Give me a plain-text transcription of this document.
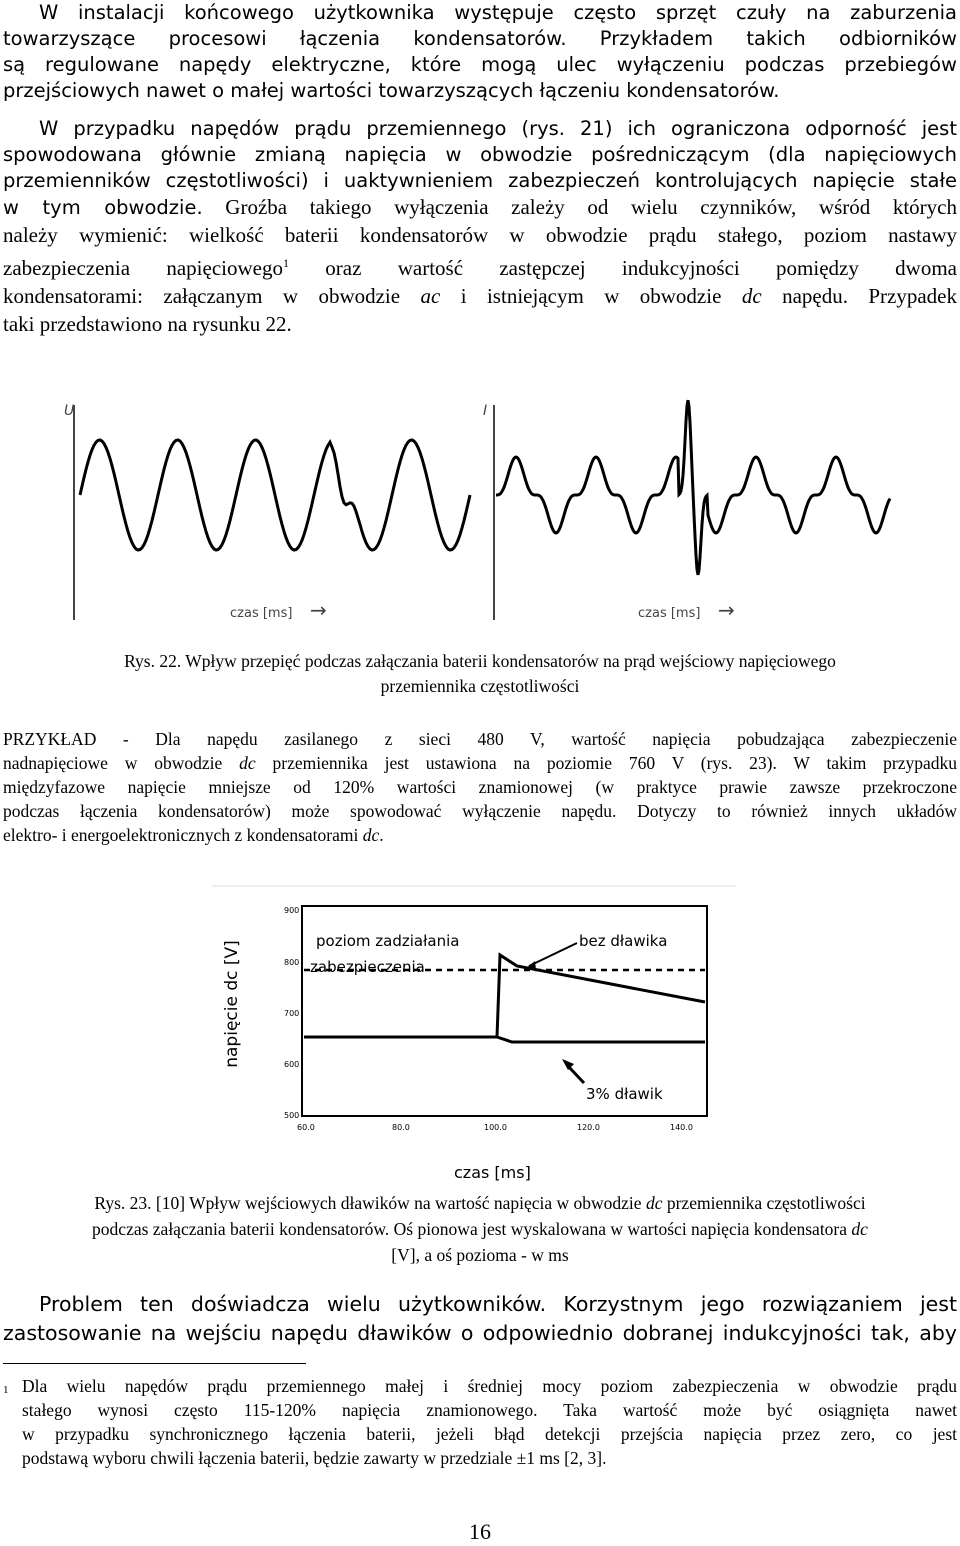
W instalacji końcowego użytkownika występuje często sprzęt czuły na zaburzenia
towarzyszące procesowi łączenia kondensatorów. Przykładem takich odbiorników
są regulowane napędy elektryczne, które mogą ulec wyłączeniu podczas przebiegów
przejściowych nawet o małej wartości towarzyszących łączeniu kondensatorów.
W przypadku napędów prądu przemiennego (rys. 21) ich ograniczona odporność jest
spowodowana głównie zmianą napięcia w obwodzie pośredniczącym (dla napięciowych
przemienników częstotliwości) i uaktywnieniem zabezpieczeń kontrolujących napięcie stałe
w tym obwodzie. Groźba takiego wyłączenia zależy od wielu czynników, wśród których
należy wymienić: wielkość baterii kondensatorów w obwodzie prądu stałego, poziom nastawy
zabezpieczenia napięciowego$^1$ oraz wartość zastępczej indukcyjności pomiędzy dwoma
kondensatorami: załączanym w obwodzie ac i istniejącym w obwodzie dc napędu. Przypadek
taki przedstawiono na rysunku 22.
U
czas [ms] →
I
czas [ms] →
Rys. 22. Wpływ przepięć podczas załączania baterii kondensatorów na prąd wejściowy napięciowego
przemiennika częstotliwości
PRZYKŁAD - Dla napędu zasilanego z sieci 480 V, wartość napięcia pobudzająca zabezpieczenie
nadnapięciowe w obwodzie dc przemiennika jest ustawiona na poziomie 760 V (rys. 23). W takim przypadku
międzyfazowe napięcie mniejsze od 120% wartości znamionowej (w praktyce prawie zawsze przekroczone
podczas łączenia kondensatorów) może spowodować wyłączenie napędu. Dotyczy to również innych układów
elektro- i energoelektronicznych z kondensatorami dc.
napięcie dc [V]
900
800
700
600
500
60.0	80.0	100.0	120.0	140.0
poziom zadziałania
zabezpieczenia
bez dławika
3% dławik
czas [ms]
Rys. 23. [10] Wpływ wejściowych dławików na wartość napięcia w obwodzie dc przemiennika częstotliwości
podczas załączania baterii kondensatorów. Oś pionowa jest wyskalowana w wartości napięcia kondensatora dc
[V], a oś pozioma - w ms
Problem ten doświadcza wielu użytkowników. Korzystnym jego rozwiązaniem jest
zastosowanie na wejściu napędu dławików o odpowiednio dobranej indukcyjności tak, aby
1 Dla wielu napędów prądu przemiennego małej i średniej mocy poziom zabezpieczenia w obwodzie prądu
stałego wynosi często 115-120% napięcia znamionowego. Taka wartość może być osiągnięta nawet
w przypadku synchronicznego łączenia baterii, jeżeli błąd detekcji przejścia napięcia przez zero, co jest
podstawą wyboru chwili łączenia baterii, będzie zawarty w przedziale ±1 ms [2, 3].
16
